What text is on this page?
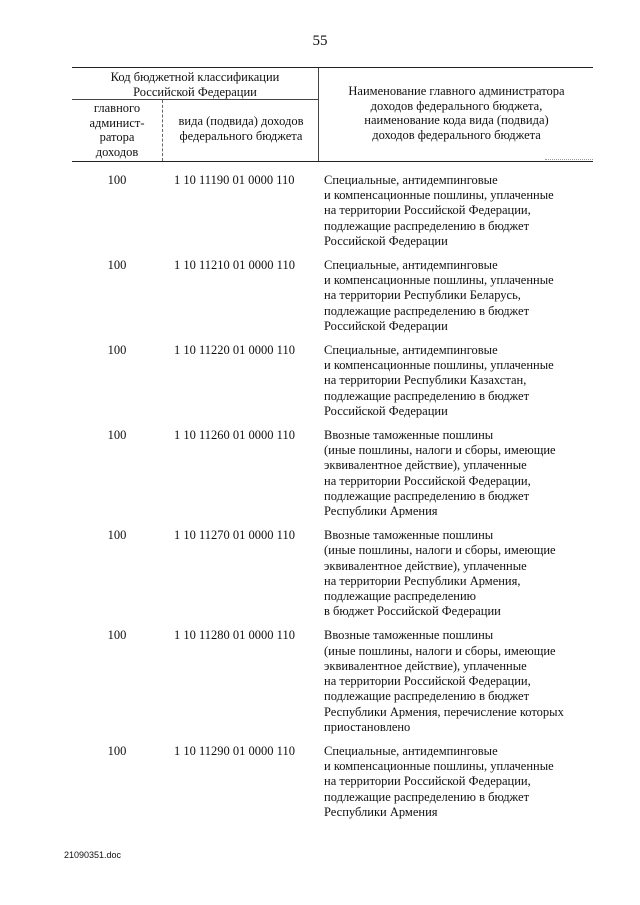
55
Код бюджетной классификации
Российской Федерации
главного
админист-
ратора
доходов
вида (подвида) доходов
федерального бюджета
Наименование главного администратора
доходов федерального бюджета,
наименование кода вида (подвида)
доходов федерального бюджета
100	1 10 11190 01 0000 110	Специальные, антидемпинговые
и компенсационные пошлины, уплаченные
на территории Российской Федерации,
подлежащие распределению в бюджет
Российской Федерации
100	1 10 11210 01 0000 110	Специальные, антидемпинговые
и компенсационные пошлины, уплаченные
на территории Республики Беларусь,
подлежащие распределению в бюджет
Российской Федерации
100	1 10 11220 01 0000 110	Специальные, антидемпинговые
и компенсационные пошлины, уплаченные
на территории Республики Казахстан,
подлежащие распределению в бюджет
Российской Федерации
100	1 10 11260 01 0000 110	Ввозные таможенные пошлины
(иные пошлины, налоги и сборы, имеющие
эквивалентное действие), уплаченные
на территории Российской Федерации,
подлежащие распределению в бюджет
Республики Армения
100	1 10 11270 01 0000 110	Ввозные таможенные пошлины
(иные пошлины, налоги и сборы, имеющие
эквивалентное действие), уплаченные
на территории Республики Армения,
подлежащие распределению
в бюджет Российской Федерации
100	1 10 11280 01 0000 110	Ввозные таможенные пошлины
(иные пошлины, налоги и сборы, имеющие
эквивалентное действие), уплаченные
на территории Российской Федерации,
подлежащие распределению в бюджет
Республики Армения, перечисление которых
приостановлено
100	1 10 11290 01 0000 110	Специальные, антидемпинговые
и компенсационные пошлины, уплаченные
на территории Российской Федерации,
подлежащие распределению в бюджет
Республики Армения
21090351.doc
